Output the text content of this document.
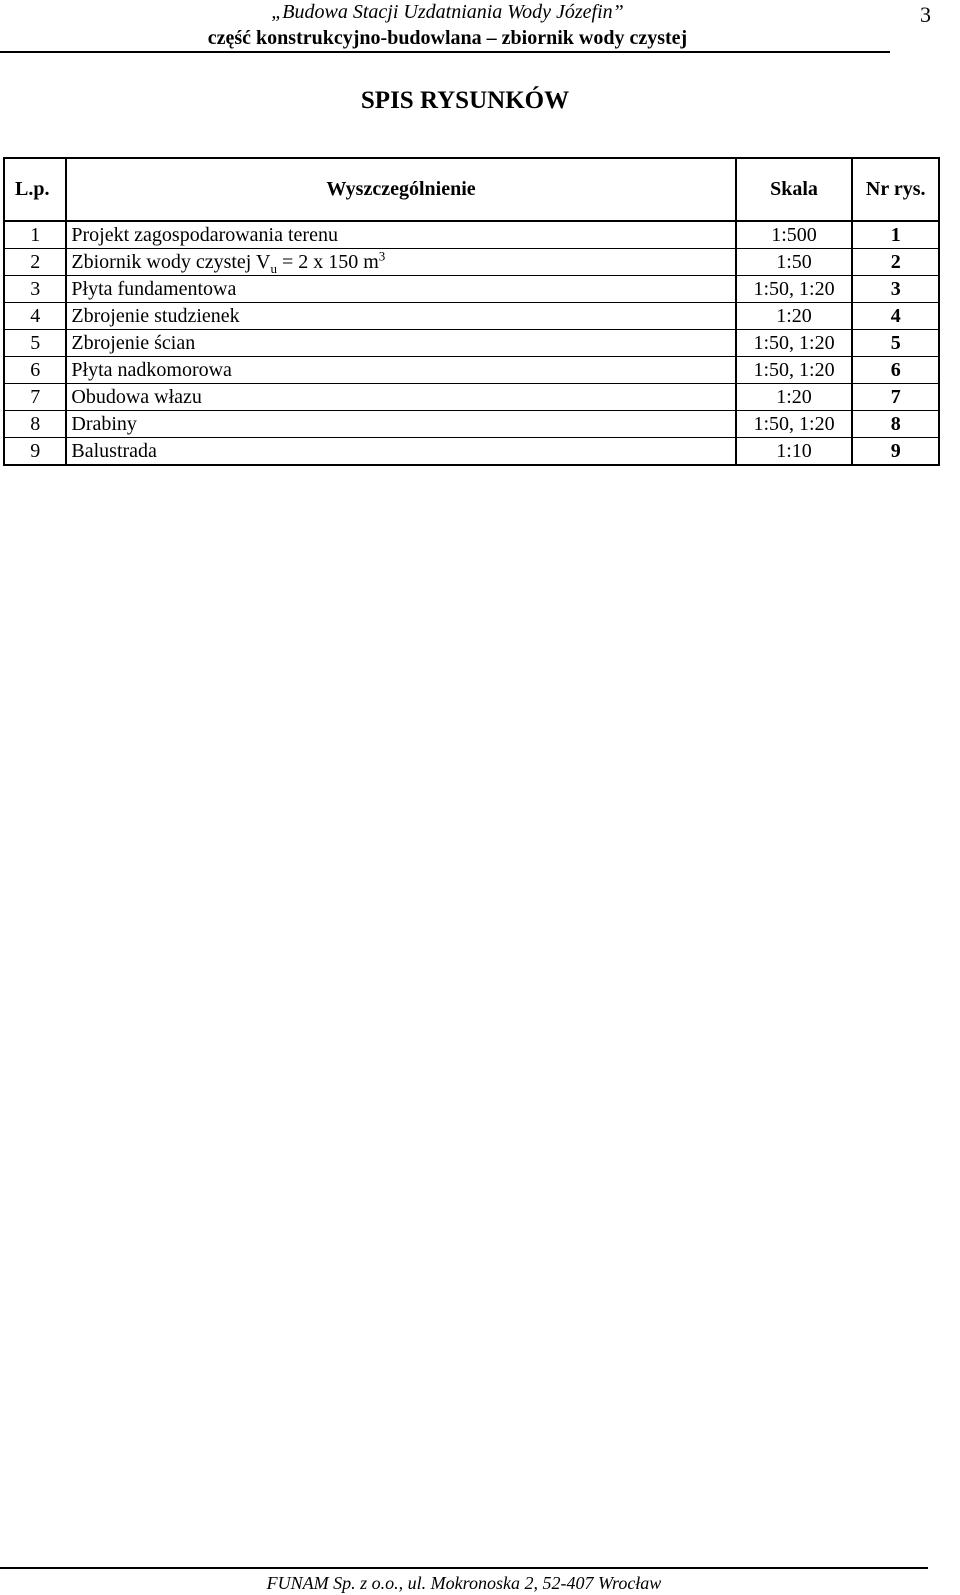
„Budowa Stacji Uzdatniania Wody Józefin”
część konstrukcyjno-budowlana – zbiornik wody czystej
3
SPIS RYSUNKÓW
L.p.	Wyszczególnienie	Skala	Nr rys.
1	Projekt zagospodarowania terenu	1:500	1
2	Zbiornik wody czystej $V_u = 2$ x 150 $m^3$	1:50	2
3	Płyta fundamentowa	1:50, 1:20	3
4	Zbrojenie studzienek	1:20	4
5	Zbrojenie ścian	1:50, 1:20	5
6	Płyta nadkomorowa	1:50, 1:20	6
7	Obudowa włazu	1:20	7
8	Drabiny	1:50, 1:20	8
9	Balustrada	1:10	9
FUNAM Sp. z o.o., ul. Mokronoska 2, 52-407 Wrocław
